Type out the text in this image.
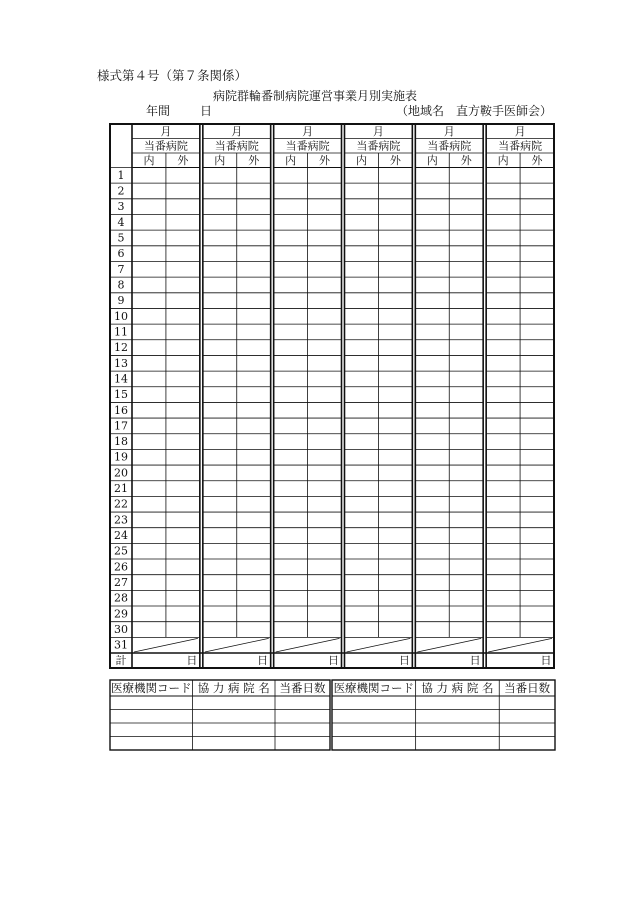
様式第４号（第７条関係）
病院群輪番制病院運営事業月別実施表
年間	日	（地域名　直方鞍手医師会）
1
2
3
4
5
6
7
8
9
10
11
12
13
14
15
16
17
18
19
20
21
22
23
24
25
26
27
28
29
30
31
計
月
当番病院
内 外
日
月
当番病院
内 外
日
月
当番病院
内 外
日
月
当番病院
内 外
日
月
当番病院
内 外
日
月
当番病院
内 外
日
医療機関コード 協 力 病 院 名 当番日数 医療機関コード 協 力 病 院 名 当番日数
